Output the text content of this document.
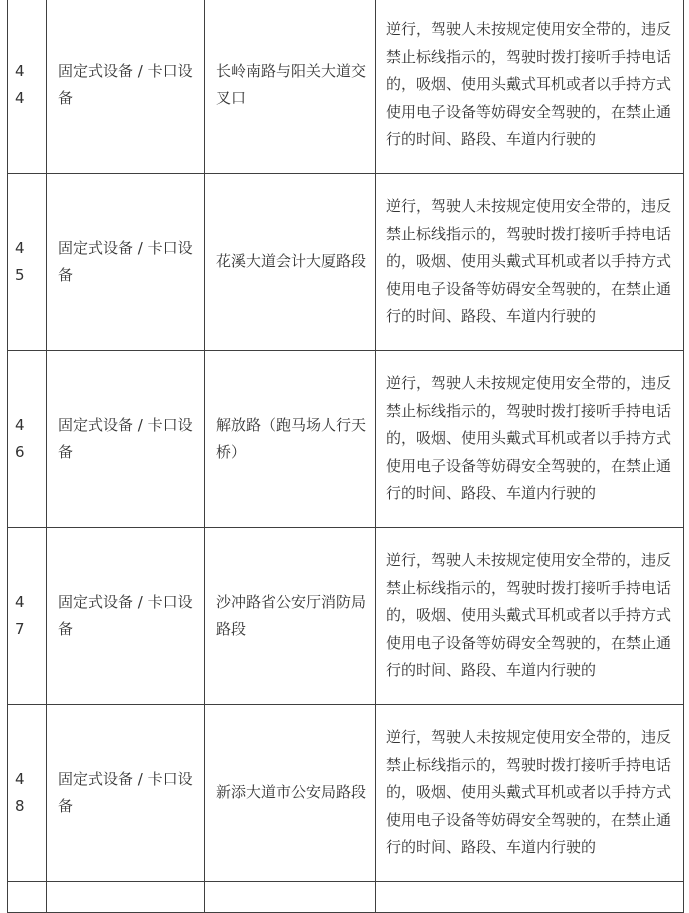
44	固定式设备 / 卡口设备	长岭南路与阳关大道交叉口	逆行，驾驶人未按规定使用安全带的，违反禁止标线指示的，驾驶时拨打接听手持电话的，吸烟、使用头戴式耳机或者以手持方式使用电子设备等妨碍安全驾驶的，在禁止通行的时间、路段、车道内行驶的

45	固定式设备 / 卡口设备	花溪大道会计大厦路段	逆行，驾驶人未按规定使用安全带的，违反禁止标线指示的，驾驶时拨打接听手持电话的，吸烟、使用头戴式耳机或者以手持方式使用电子设备等妨碍安全驾驶的，在禁止通行的时间、路段、车道内行驶的

46	固定式设备 / 卡口设备	解放路（跑马场人行天桥）	逆行，驾驶人未按规定使用安全带的，违反禁止标线指示的，驾驶时拨打接听手持电话的，吸烟、使用头戴式耳机或者以手持方式使用电子设备等妨碍安全驾驶的，在禁止通行的时间、路段、车道内行驶的

47	固定式设备 / 卡口设备	沙冲路省公安厅消防局路段	逆行，驾驶人未按规定使用安全带的，违反禁止标线指示的，驾驶时拨打接听手持电话的，吸烟、使用头戴式耳机或者以手持方式使用电子设备等妨碍安全驾驶的，在禁止通行的时间、路段、车道内行驶的

48	固定式设备 / 卡口设备	新添大道市公安局路段	逆行，驾驶人未按规定使用安全带的，违反禁止标线指示的，驾驶时拨打接听手持电话的，吸烟、使用头戴式耳机或者以手持方式使用电子设备等妨碍安全驾驶的，在禁止通行的时间、路段、车道内行驶的
